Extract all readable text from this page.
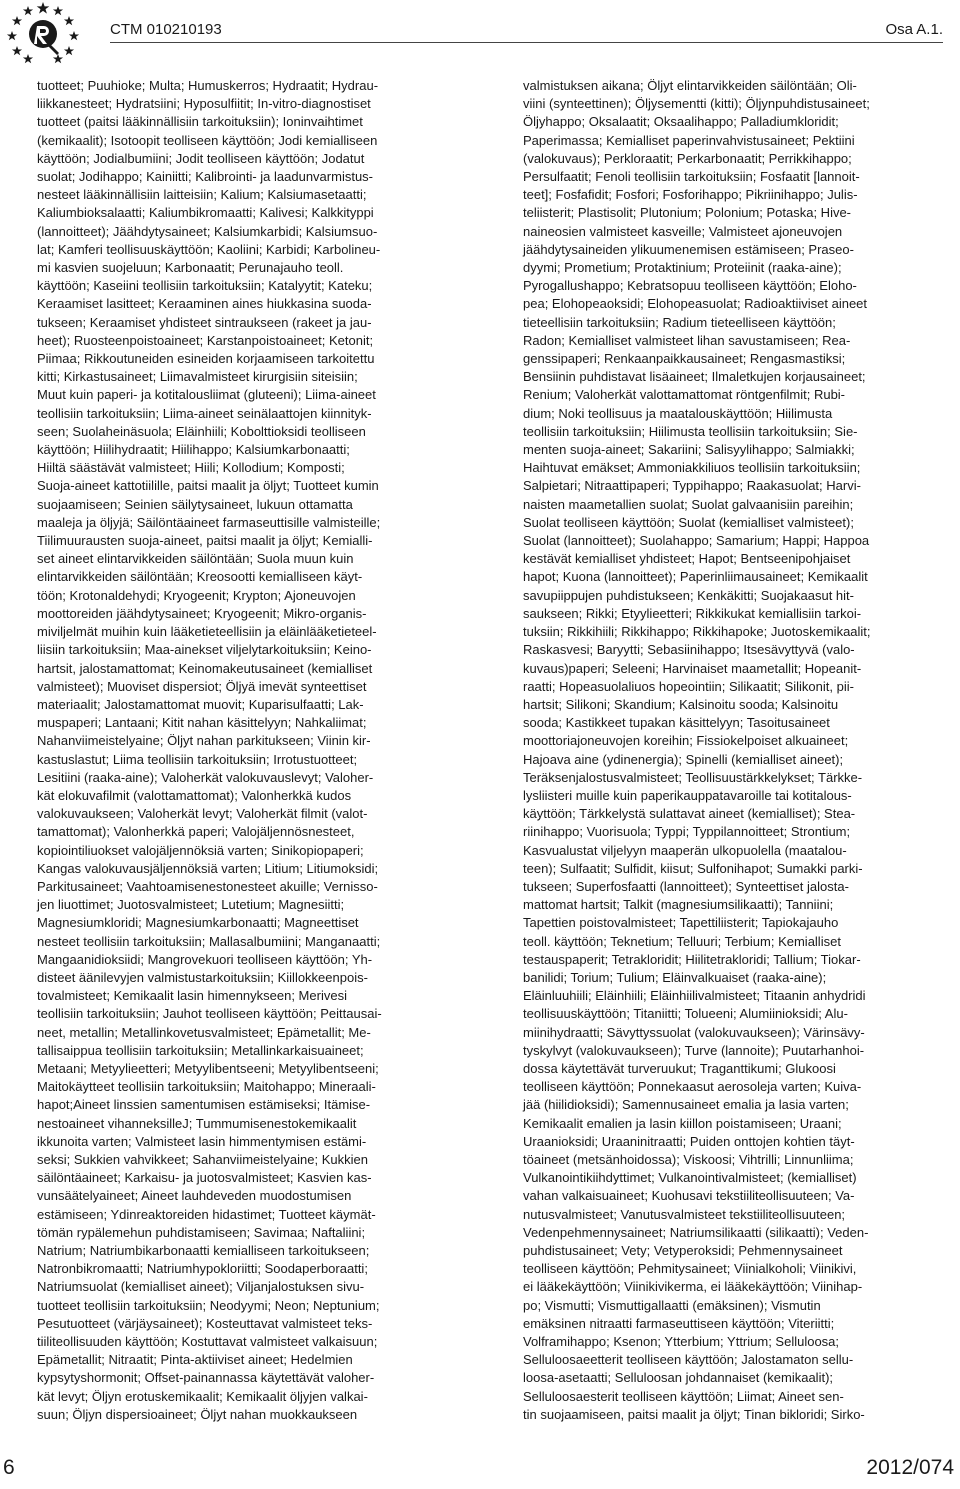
CTM 010210193	Osa A.1.
tuotteet; Puuhioke; Multa; Humuskerros; Hydraatit; Hydrau-
liikkanesteet; Hydratsiini; Hyposulfiitit; In-vitro-diagnostiset
tuotteet (paitsi lääkinnällisiin tarkoituksiin); Ioninvaihtimet
(kemikaalit); Isotoopit teolliseen käyttöön; Jodi kemialliseen
käyttöön; Jodialbumiini; Jodit teolliseen käyttöön; Jodatut
suolat; Jodihappo; Kainiitti; Kalibrointi- ja laadunvarmistus-
nesteet lääkinnällisiin laitteisiin; Kalium; Kalsiumasetaatti;
Kaliumbioksalaatti; Kaliumbikromaatti; Kalivesi; Kalkkityppi
(lannoitteet); Jäähdytysaineet; Kalsiumkarbidi; Kalsiumsuo-
lat; Kamferi teollisuuskäyttöön; Kaoliini; Karbidi; Karbolineu-
mi kasvien suojeluun; Karbonaatit; Perunajauho teoll.
käyttöön; Kaseiini teollisiin tarkoituksiin; Katalyytit; Kateku;
Keraamiset lasitteet; Keraaminen aines hiukkasina suoda-
tukseen; Keraamiset yhdisteet sintraukseen (rakeet ja jau-
heet); Ruosteenpoistoaineet; Karstanpoistoaineet; Ketonit;
Piimaa; Rikkoutuneiden esineiden korjaamiseen tarkoitettu
kitti; Kirkastusaineet; Liimavalmisteet kirurgisiin siteisiin;
Muut kuin paperi- ja kotitalousliimat (gluteeni); Liima-aineet
teollisiin tarkoituksiin; Liima-aineet seinälaattojen kiinnityk-
seen; Suolaheinäsuola; Eläinhiili; Kobolttioksidi teolliseen
käyttöön; Hiilihydraatit; Hiilihappo; Kalsiumkarbonaatti;
Hiiltä säästävät valmisteet; Hiili; Kollodium; Komposti;
Suoja-aineet kattotiilille, paitsi maalit ja öljyt; Tuotteet kumin
suojaamiseen; Seinien säilytysaineet, lukuun ottamatta
maaleja ja öljyjä; Säilöntäaineet farmaseuttisille valmisteille;
Tiilimuurausten suoja-aineet, paitsi maalit ja öljyt; Kemialli-
set aineet elintarvikkeiden säilöntään; Suola muun kuin
elintarvikkeiden säilöntään; Kreosootti kemialliseen käyt-
töön; Krotonaldehydi; Kryogeenit; Krypton; Ajoneuvojen
moottoreiden jäähdytysaineet; Kryogeenit; Mikro-organis-
miviljelmät muihin kuin lääketieteellisiin ja eläinlääketieteel-
liisiin tarkoituksiin; Maa-ainekset viljelytarkoituksiin; Keino-
hartsit, jalostamattomat; Keinomakeutusaineet (kemialliset
valmisteet); Muoviset dispersiot; Öljyä imevät synteettiset
materiaalit; Jalostamattomat muovit; Kuparisulfaatti; Lak-
muspaperi; Lantaani; Kitit nahan käsittelyyn; Nahkaliimat;
Nahanviimeistelyaine; Öljyt nahan parkitukseen; Viinin kir-
kastuslastut; Liima teollisiin tarkoituksiin; Irrotustuotteet;
Lesitiini (raaka-aine); Valoherkät valokuvauslevyt; Valoher-
kät elokuvafilmit (valottamattomat); Valonherkkä kudos
valokuvaukseen; Valoherkät levyt; Valoherkät filmit (valot-
tamattomat); Valonherkkä paperi; Valojäljennösnesteet,
kopiointiliuokset valojäljennöksiä varten; Sinikopiopaperi;
Kangas valokuvausjäljennöksiä varten; Litium; Litiumoksidi;
Parkitusaineet; Vaahtoamisenestonesteet akuille; Vernisso-
jen liuottimet; Juotosvalmisteet; Lutetium; Magnesiitti;
Magnesiumkloridi; Magnesiumkarbonaatti; Magneettiset
nesteet teollisiin tarkoituksiin; Mallasalbumiini; Manganaatti;
Mangaanidioksiidi; Mangrovekuori teolliseen käyttöön; Yh-
disteet äänilevyjen valmistustarkoituksiin; Kiillokkeenpois-
tovalmisteet; Kemikaalit lasin himennykseen; Merivesi
teollisiin tarkoituksiin; Jauhot teolliseen käyttöön; Peittausai-
neet, metallin; Metallinkovetusvalmisteet; Epämetallit; Me-
tallisaippua teollisiin tarkoituksiin; Metallinkarkaisuaineet;
Metaani; Metyylieetteri; Metyylibentseeni; Metyylibentseeni;
Maitokäytteet teollisiin tarkoituksiin; Maitohappo; Mineraali-
hapot;Aineet linssien samentumisen estämiseksi; Itämise-
nestoaineet vihanneksilleJ; Tummumisenestokemikaalit
ikkunoita varten; Valmisteet lasin himmentymisen estämi-
seksi; Sukkien vahvikkeet; Sahanviimeistelyaine; Kukkien
säilöntäaineet; Karkaisu- ja juotosvalmisteet; Kasvien kas-
vunsäätelyaineet; Aineet lauhdeveden muodostumisen
estämiseen; Ydinreaktoreiden hidastimet; Tuotteet käymät-
tömän rypälemehun puhdistamiseen; Savimaa; Naftaliini;
Natrium; Natriumbikarbonaatti kemialliseen tarkoitukseen;
Natronbikromaatti; Natriumhypokloriitti; Soodaperboraatti;
Natriumsuolat (kemialliset aineet); Viljanjalostuksen sivu-
tuotteet teollisiin tarkoituksiin; Neodyymi; Neon; Neptunium;
Pesutuotteet (värjäysaineet); Kosteuttavat valmisteet teks-
tiiliteollisuuden käyttöön; Kostuttavat valmisteet valkaisuun;
Epämetallit; Nitraatit; Pinta-aktiiviset aineet; Hedelmien
kypsytyshormonit; Offset-painannassa käytettävät valoher-
kät levyt; Öljyn erotuskemikaalit; Kemikaalit öljyjen valkai-
suun; Öljyn dispersioaineet; Öljyt nahan muokkaukseen
valmistuksen aikana; Öljyt elintarvikkeiden säilöntään; Oli-
viini (synteettinen); Öljysementti (kitti); Öljynpuhdistusaineet;
Öljyhappo; Oksalaatit; Oksaalihappo; Palladiumkloridit;
Paperimassa; Kemialliset paperinvahvistusaineet; Pektiini
(valokuvaus); Perkloraatit; Perkarbonaatit; Perrikkihappo;
Persulfaatit; Fenoli teollisiin tarkoituksiin; Fosfaatit [lannoit-
teet]; Fosfafidit; Fosfori; Fosforihappo; Pikriinihappo; Julis-
teliisterit; Plastisolit; Plutonium; Polonium; Potaska; Hive-
naineosien valmisteet kasveille; Valmisteet ajoneuvojen
jäähdytysaineiden ylikuumenemisen estämiseen; Praseo-
dyymi; Prometium; Protaktinium; Proteiinit (raaka-aine);
Pyrogallushappo; Kebratsopuu teolliseen käyttöön; Eloho-
pea; Elohopeaoksidi; Elohopeasuolat; Radioaktiiviset aineet
tieteellisiin tarkoituksiin; Radium tieteelliseen käyttöön;
Radon; Kemialliset valmisteet lihan savustamiseen; Rea-
genssipaperi; Renkaanpaikkausaineet; Rengasmastiksi;
Bensiinin puhdistavat lisäaineet; Ilmaletkujen korjausaineet;
Renium; Valoherkät valottamattomat röntgenfilmit; Rubi-
dium; Noki teollisuus ja maatalouskäyttöön; Hiilimusta
teollisiin tarkoituksiin; Hiilimusta teollisiin tarkoituksiin; Sie-
menten suoja-aineet; Sakariini; Salisyylihappo; Salmiakki;
Haihtuvat emäkset; Ammoniakkiliuos teollisiin tarkoituksiin;
Salpietari; Nitraattipaperi; Typpihappo; Raakasuolat; Harvi-
naisten maametallien suolat; Suolat galvaanisiin pareihin;
Suolat teolliseen käyttöön; Suolat (kemialliset valmisteet);
Suolat (lannoitteet); Suolahappo; Samarium; Happi; Happoa
kestävät kemialliset yhdisteet; Hapot; Bentseenipohjaiset
hapot; Kuona (lannoitteet); Paperinliimausaineet; Kemikaalit
savupiippujen puhdistukseen; Kenkäkitti; Suojakaasut hit-
saukseen; Rikki; Etyylieetteri; Rikkikukat kemiallisiin tarkoi-
tuksiin; Rikkihiili; Rikkihappo; Rikkihapoke; Juotoskemikaalit;
Raskasvesi; Baryytti; Sebasiinihappo; Itsesävyttyvä (valo-
kuvaus)paperi; Seleeni; Harvinaiset maametallit; Hopeanit-
raatti; Hopeasuolaliuos hopeointiin; Silikaatit; Silikonit, pii-
hartsit; Silikoni; Skandium; Kalsinoitu sooda; Kalsinoitu
sooda; Kastikkeet tupakan käsittelyyn; Tasoitusaineet
moottoriajoneuvojen koreihin; Fissiokelpoiset alkuaineet;
Hajoava aine (ydinenergia); Spinelli (kemialliset aineet);
Teräksenjalostusvalmisteet; Teollisuustärkkelykset; Tärkke-
lysliisteri muille kuin paperikauppatavaroille tai kotitalous-
käyttöön; Tärkkelystä sulattavat aineet (kemialliset); Stea-
riinihappo; Vuorisuola; Typpi; Typpilannoitteet; Strontium;
Kasvualustat viljelyyn maaperän ulkopuolella (maatalou-
teen); Sulfaatit; Sulfidit, kiisut; Sulfonihapot; Sumakki parki-
tukseen; Superfosfaatti (lannoitteet); Synteettiset jalosta-
mattomat hartsit; Talkit (magnesiumsilikaatti); Tanniini;
Tapettien poistovalmisteet; Tapettiliisterit; Tapiokajauho
teoll. käyttöön; Teknetium; Telluuri; Terbium; Kemialliset
testauspaperit; Tetrakloridit; Hiilitetrakloridi; Tallium; Tiokar-
banilidi; Torium; Tulium; Eläinvalkuaiset (raaka-aine);
Eläinluuhiili; Eläinhiili; Eläinhiilivalmisteet; Titaanin anhydridi
teollisuuskäyttöön; Titaniitti; Tolueeni; Alumiinioksidi; Alu-
miinihydraatti; Sävyttyssuolat (valokuvaukseen); Värinsävy-
tyskylvyt (valokuvaukseen); Turve (lannoite); Puutarhanhoi-
dossa käytettävät turveruukut; Traganttikumi; Glukoosi
teolliseen käyttöön; Ponnekaasut aerosoleja varten; Kuiva-
jää (hiilidioksidi); Samennusaineet emalia ja lasia varten;
Kemikaalit emalien ja lasin kiillon poistamiseen; Uraani;
Uraanioksidi; Uraaninitraatti; Puiden onttojen kohtien täyt-
töaineet (metsänhoidossa); Viskoosi; Vihtrilli; Linnunliima;
Vulkanointikiihdyttimet; Vulkanointivalmisteet; (kemialliset)
vahan valkaisuaineet; Kuohusavi tekstiiliteollisuuteen; Va-
nutusvalmisteet; Vanutusvalmisteet tekstiiliteollisuuteen;
Vedenpehmennysaineet; Natriumsilikaatti (silikaatti); Veden-
puhdistusaineet; Vety; Vetyperoksidi; Pehmennysaineet
teolliseen käyttöön; Pehmitysaineet; Viinialkoholi; Viinikivi,
ei lääkekäyttöön; Viinikivikerma, ei lääkekäyttöön; Viinihap-
po; Vismutti; Vismuttigallaatti (emäksinen); Vismutin
emäksinen nitraatti farmaseuttiseen käyttöön; Viteriitti;
Volframihappo; Ksenon; Ytterbium; Yttrium; Selluloosa;
Selluloosaeetterit teolliseen käyttöön; Jalostamaton sellu-
loosa-asetaatti; Selluloosan johdannaiset (kemikaalit);
Selluloosaesterit teolliseen käyttöön; Liimat; Aineet sen-
tin suojaamiseen, paitsi maalit ja öljyt; Tinan bikloridi; Sirko-
6	2012/074
